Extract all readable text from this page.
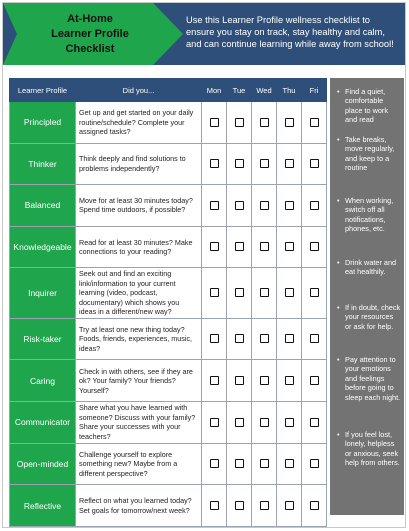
At-Home
Learner Profile
Checklist
Use this Learner Profile wellness checklist to ensure you stay on track, stay healthy and calm, and can continue learning while away from school!
Learner Profile	Did you...	Mon	Tue	Wed	Thu	Fri
Principled	Get up and get started on your daily routine/schedule? Complete your assigned tasks?					
Thinker	Think deeply and find solutions to problems independently?					
Balanced	Move for at least 30 minutes today? Spend time outdoors, if possible?					
Knowledgeable	Read for at least 30 minutes? Make connections to your reading?					
Inquirer	Seek out and find an exciting link/information to your current learning (video, podcast, documentary) which shows you ideas in a different/new way?					
Risk-taker	Try at least one new thing today? Foods, friends, experiences, music, ideas?					
Caring	Check in with others, see if they are ok? Your family? Your friends? Yourself?					
Communicator	Share what you have learned with someone? Discuss with your family? Share your successes with your teachers?					
Open-minded	Challenge yourself to explore something new? Maybe from a different perspective?					
Reflective	Reflect on what you learned today? Set goals for tomorrow/next week?					
• Find a quiet, comfortable place to work and read
• Take breaks, move regularly, and keep to a routine
• When working, switch off all notifications, phones, etc.
• Drink water and eat healthily.
• If in doubt, check your resources or ask for help.
• Pay attention to your emotions and feelings before going to sleep each night.
• If you feel lost, lonely, helpless or anxious, seek help from others.
